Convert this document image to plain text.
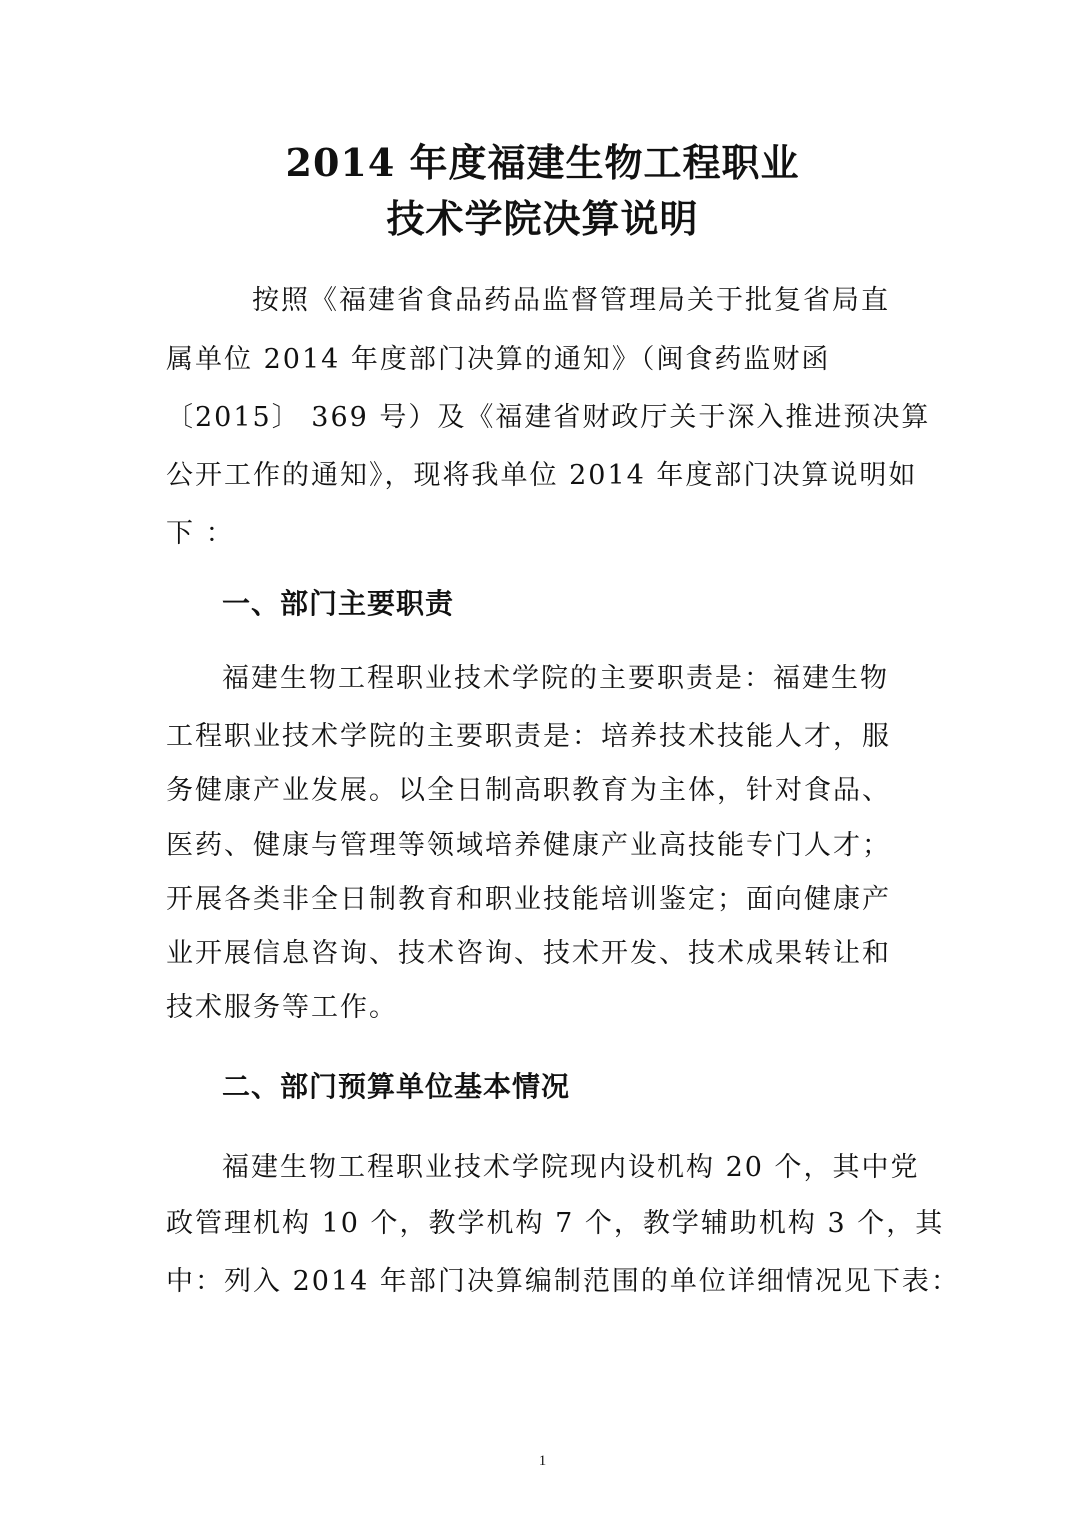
2014 年度福建生物工程职业
技术学院决算说明
按照《福建省食品药品监督管理局关于批复省局直
属单位 2014 年度部门决算的通知》（闽食药监财函
〔2015〕 369 号）及《福建省财政厅关于深入推进预决算
公开工作的通知》，现将我单位 2014 年度部门决算说明如
下 ：
一、部门主要职责
福建生物工程职业技术学院的主要职责是：福建生物
工程职业技术学院的主要职责是：培养技术技能人才，服
务健康产业发展。以全日制高职教育为主体，针对食品、
医药、健康与管理等领域培养健康产业高技能专门人才；
开展各类非全日制教育和职业技能培训鉴定；面向健康产
业开展信息咨询、技术咨询、技术开发、技术成果转让和
技术服务等工作。
二、部门预算单位基本情况
福建生物工程职业技术学院现内设机构 20 个，其中党
政管理机构 10 个，教学机构 7 个，教学辅助机构 3 个，其
中：列入 2014 年部门决算编制范围的单位详细情况见下表：
1
